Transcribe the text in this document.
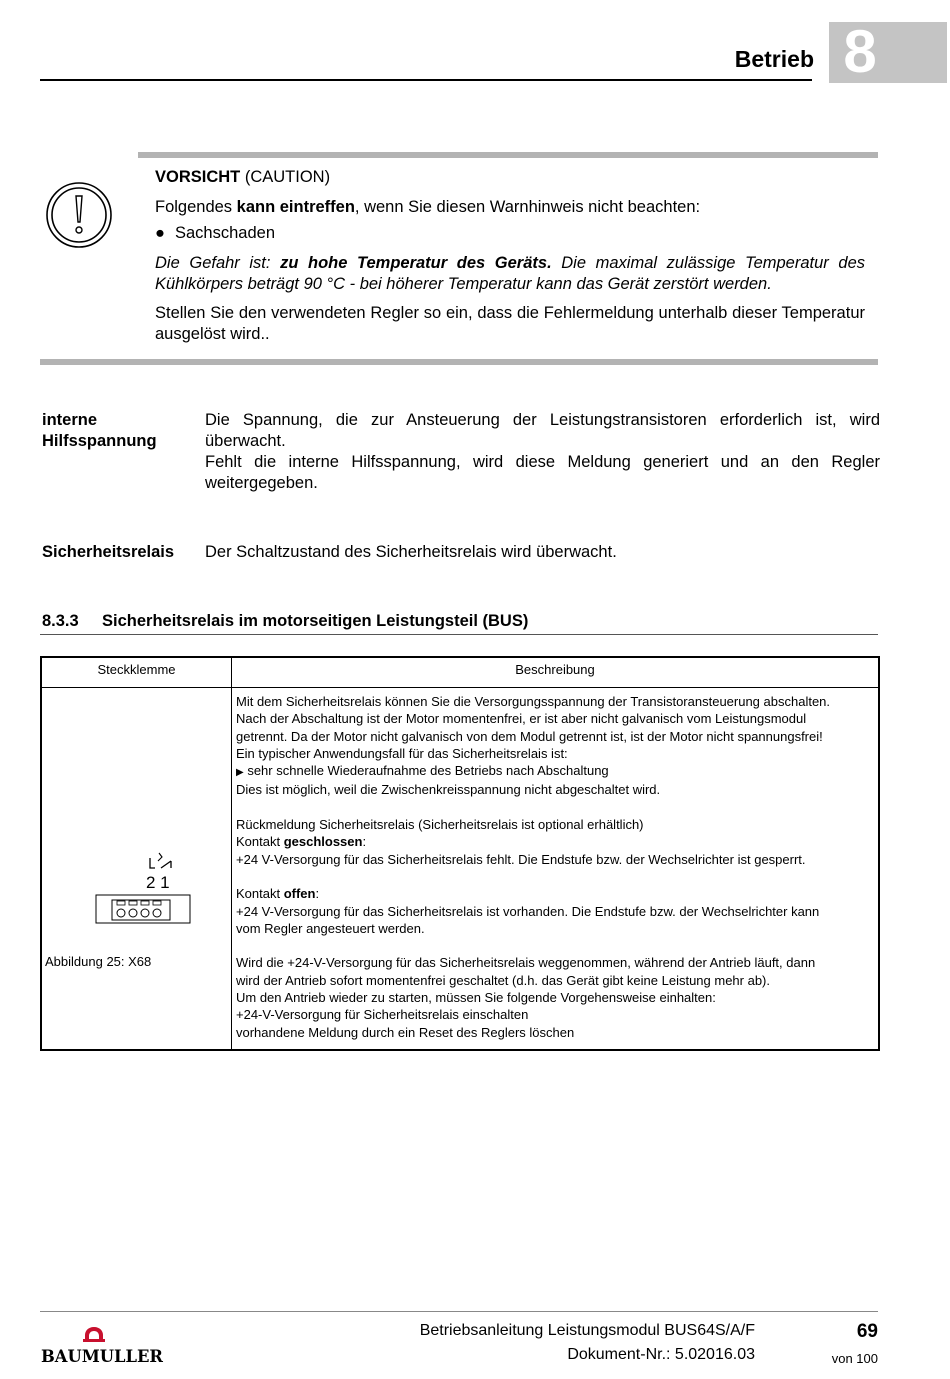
Betrieb 8
VORSICHT (CAUTION)
Folgendes kann eintreffen, wenn Sie diesen Warnhinweis nicht beachten:
● Sachschaden
Die Gefahr ist: zu hohe Temperatur des Geräts. Die maximal zulässige Temperatur des Kühlkörpers beträgt 90 °C - bei höherer Temperatur kann das Gerät zerstört werden.
Stellen Sie den verwendeten Regler so ein, dass die Fehlermeldung unterhalb dieser Temperatur ausgelöst wird..
interne
Hilfsspannung
Die Spannung, die zur Ansteuerung der Leistungstransistoren erforderlich ist, wird überwacht.
Fehlt die interne Hilfsspannung, wird diese Meldung generiert und an den Regler weitergegeben.
Sicherheitsrelais Der Schaltzustand des Sicherheitsrelais wird überwacht.
8.3.3 Sicherheitsrelais im motorseitigen Leistungsteil (BUS)
Steckklemme	Beschreibung
2 1
Abbildung 25: X68
Mit dem Sicherheitsrelais können Sie die Versorgungsspannung der Transistoransteuerung abschalten.
Nach der Abschaltung ist der Motor momentenfrei, er ist aber nicht galvanisch vom Leistungsmodul
getrennt. Da der Motor nicht galvanisch von dem Modul getrennt ist, ist der Motor nicht spannungsfrei!
Ein typischer Anwendungsfall für das Sicherheitsrelais ist:
▶ sehr schnelle Wiederaufnahme des Betriebs nach Abschaltung
Dies ist möglich, weil die Zwischenkreisspannung nicht abgeschaltet wird.
Rückmeldung Sicherheitsrelais (Sicherheitsrelais ist optional erhältlich)
Kontakt geschlossen:
+24 V-Versorgung für das Sicherheitsrelais fehlt. Die Endstufe bzw. der Wechselrichter ist gesperrt.
Kontakt offen:
+24 V-Versorgung für das Sicherheitsrelais ist vorhanden. Die Endstufe bzw. der Wechselrichter kann
vom Regler angesteuert werden.
Wird die +24-V-Versorgung für das Sicherheitsrelais weggenommen, während der Antrieb läuft, dann
wird der Antrieb sofort momentenfrei geschaltet (d.h. das Gerät gibt keine Leistung mehr ab).
Um den Antrieb wieder zu starten, müssen Sie folgende Vorgehensweise einhalten:
+24-V-Versorgung für Sicherheitsrelais einschalten
vorhandene Meldung durch ein Reset des Reglers löschen
BAUMULLER
Betriebsanleitung Leistungsmodul BUS64S/A/F
Dokument-Nr.: 5.02016.03
69
von 100
